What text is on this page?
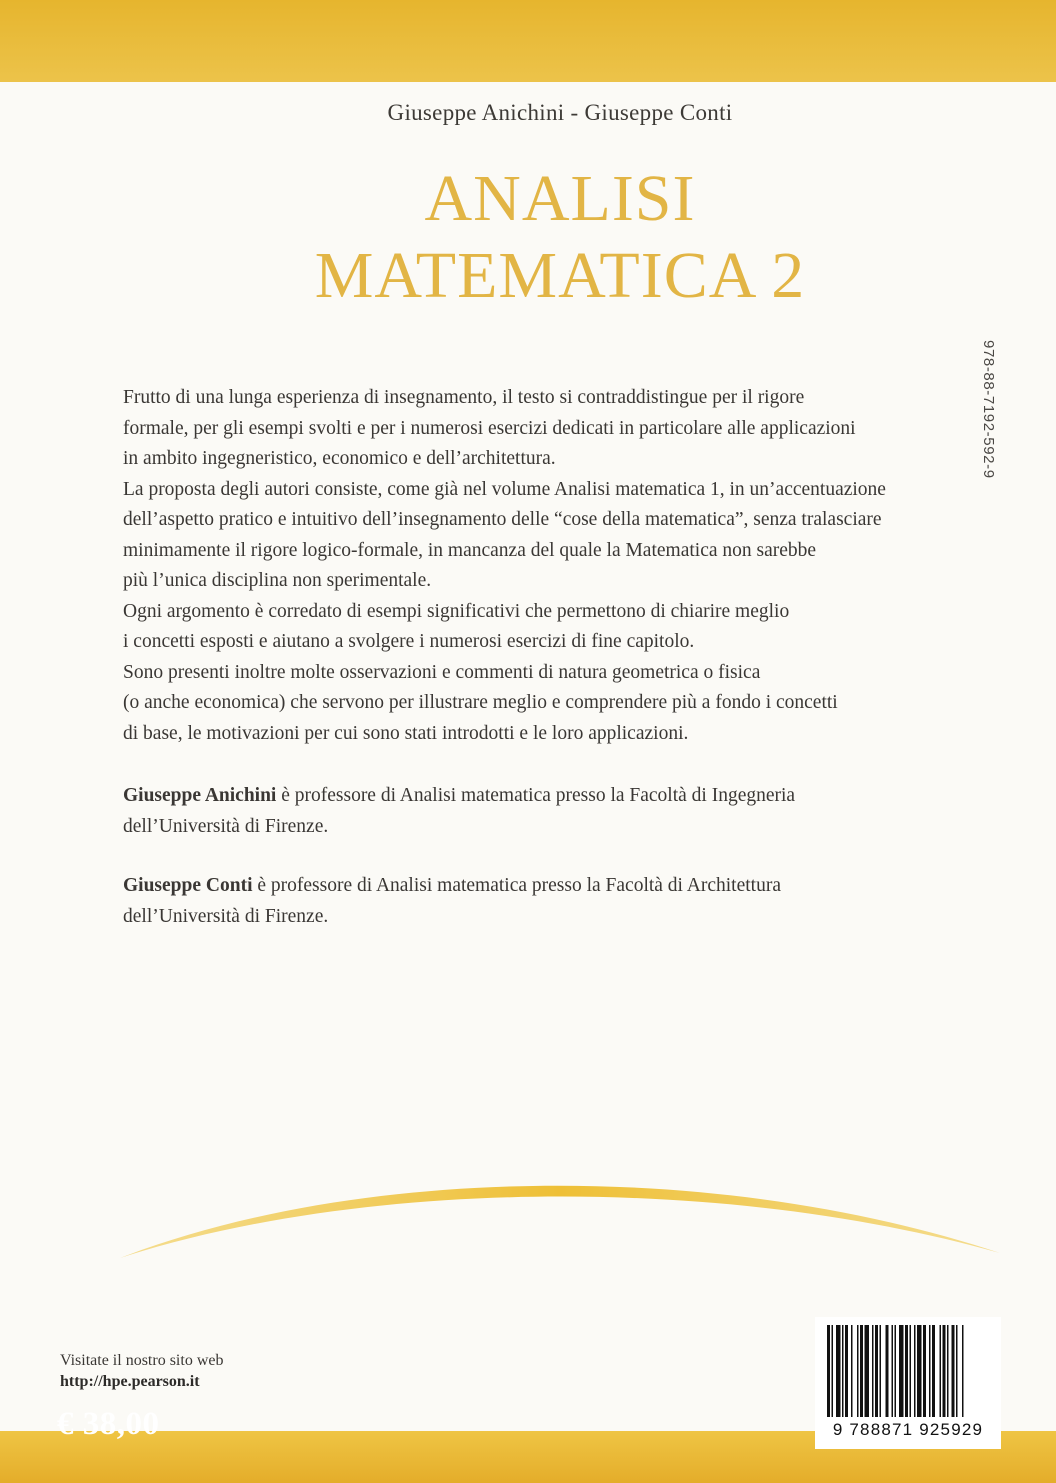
Giuseppe Anichini - Giuseppe Conti
ANALISI
MATEMATICA 2
978-88-7192-592-9

Frutto di una lunga esperienza di insegnamento, il testo si contraddistingue per il rigore

formale, per gli esempi svolti e per i numerosi esercizi dedicati in particolare alle applicazioni

in ambito ingegneristico, economico e dell’architettura.

La proposta degli autori consiste, come già nel volume Analisi matematica 1, in un’accentuazione

dell’aspetto pratico e intuitivo dell’insegnamento delle “cose della matematica”, senza tralasciare

minimamente il rigore logico-formale, in mancanza del quale la Matematica non sarebbe

più l’unica disciplina non sperimentale.

Ogni argomento è corredato di esempi significativi che permettono di chiarire meglio

i concetti esposti e aiutano a svolgere i numerosi esercizi di fine capitolo.

Sono presenti inoltre molte osservazioni e commenti di natura geometrica o fisica

(o anche economica) che servono per illustrare meglio e comprendere più a fondo i concetti

di base, le motivazioni per cui sono stati introdotti e le loro applicazioni.

Giuseppe Anichini è professore di Analisi matematica presso la Facoltà di Ingegneria

dell’Università di Firenze.

Giuseppe Conti è professore di Analisi matematica presso la Facoltà di Architettura

dell’Università di Firenze.

Visitate il nostro sito web
http://hpe.pearson.it
€ 38,00	9 788871 925929
